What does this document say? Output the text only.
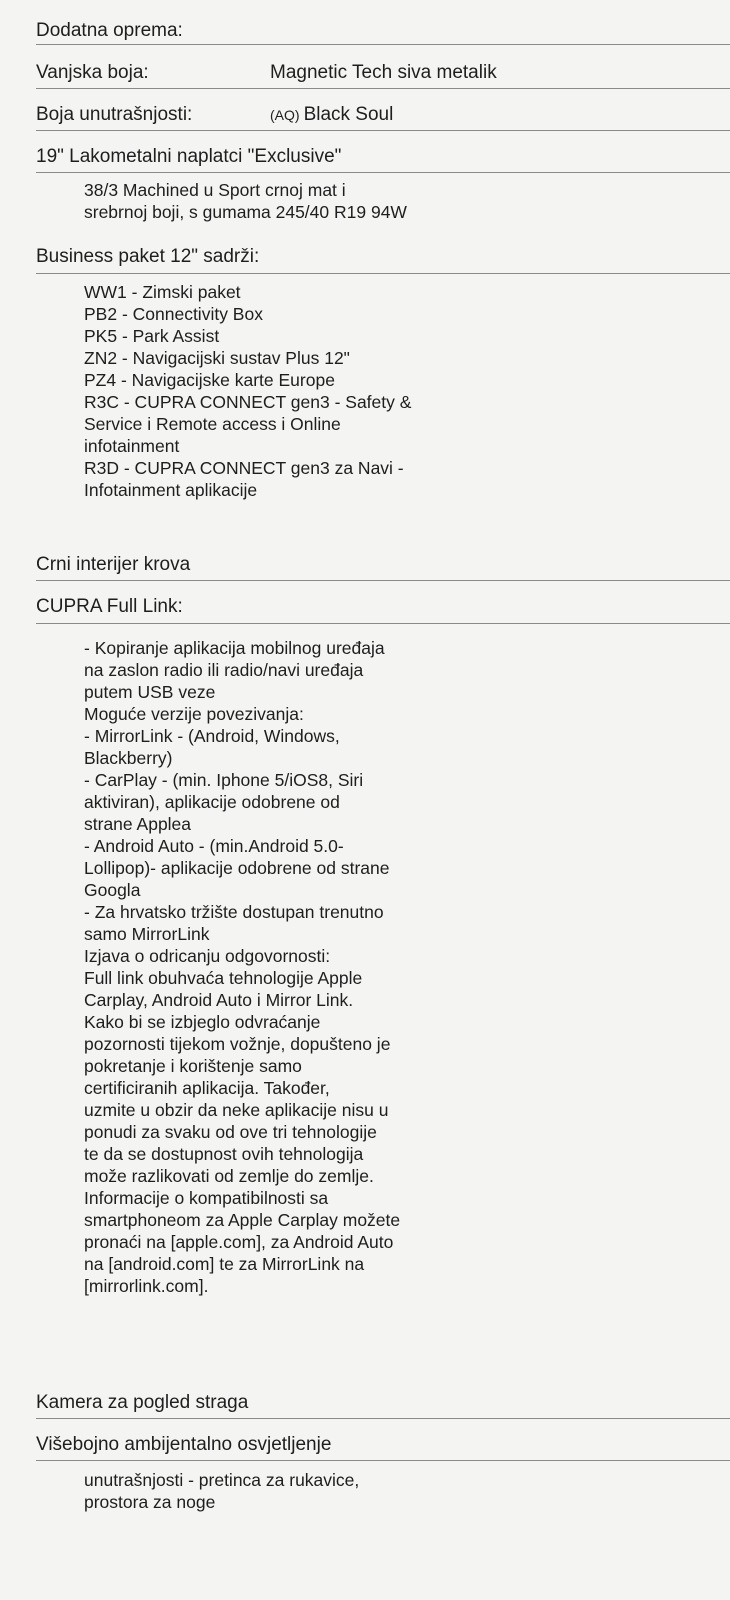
Dodatna oprema:
Vanjska boja:	Magnetic Tech siva metalik
Boja unutrašnjosti:	(AQ) Black Soul
19" Lakometalni naplatci "Exclusive"
38/3 Machined u Sport crnoj mat i
srebrnoj boji, s gumama 245/40 R19 94W
Business paket 12" sadrži:
WW1 - Zimski paket
PB2 - Connectivity Box
PK5 - Park Assist
ZN2 - Navigacijski sustav Plus 12"
PZ4 - Navigacijske karte Europe
R3C - CUPRA CONNECT gen3 - Safety &
Service i Remote access i Online
infotainment
R3D - CUPRA CONNECT gen3 za Navi -
Infotainment aplikacije
Crni interijer krova
CUPRA Full Link:
- Kopiranje aplikacija mobilnog uređaja
na zaslon radio ili radio/navi uređaja
putem USB veze
Moguće verzije povezivanja:
- MirrorLink - (Android, Windows,
Blackberry)
- CarPlay - (min. Iphone 5/iOS8, Siri
aktiviran), aplikacije odobrene od
strane Applea
- Android Auto - (min.Android 5.0-
Lollipop)- aplikacije odobrene od strane
Googla
- Za hrvatsko tržište dostupan trenutno
samo MirrorLink
Izjava o odricanju odgovornosti:
Full link obuhvaća tehnologije Apple
Carplay, Android Auto i Mirror Link.
Kako bi se izbjeglo odvraćanje
pozornosti tijekom vožnje, dopušteno je
pokretanje i korištenje samo
certificiranih aplikacija. Također,
uzmite u obzir da neke aplikacije nisu u
ponudi za svaku od ove tri tehnologije
te da se dostupnost ovih tehnologija
može razlikovati od zemlje do zemlje.
Informacije o kompatibilnosti sa
smartphoneom za Apple Carplay možete
pronaći na [apple.com], za Android Auto
na [android.com] te za MirrorLink na
[mirrorlink.com].
Kamera za pogled straga
Višebojno ambijentalno osvjetljenje
unutrašnjosti - pretinca za rukavice,
prostora za noge
